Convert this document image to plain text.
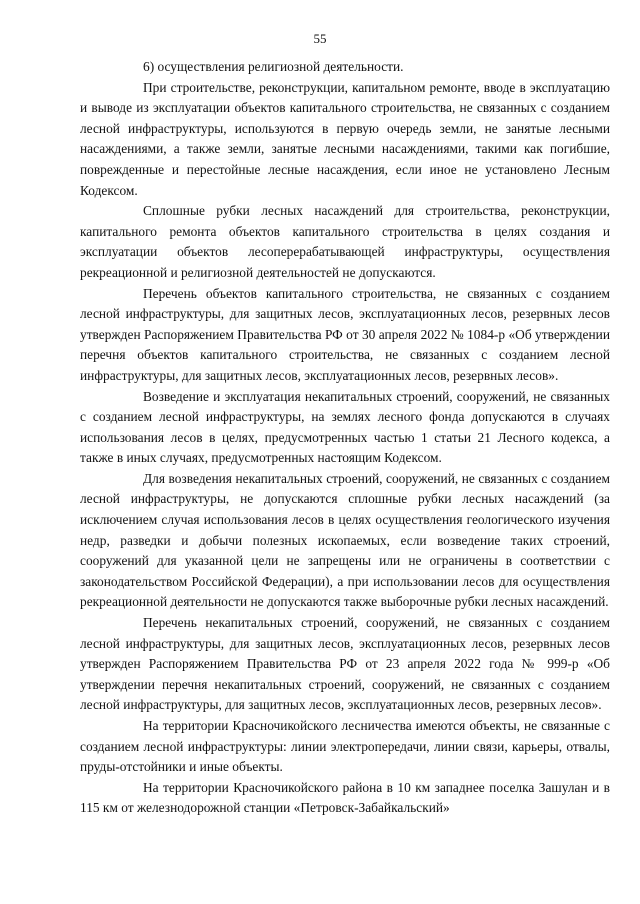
55

6) осуществления религиозной деятельности.

При строительстве, реконструкции, капитальном ремонте, вводе в эксплуатацию и выводе из эксплуатации объектов капитального строительства, не связанных с созданием лесной инфраструктуры, используются в первую очередь земли, не занятые лесными насаждениями, а также земли, занятые лесными насаждениями, такими как погибшие, поврежденные и перестойные лесные насаждения, если иное не установлено Лесным Кодексом.

Сплошные рубки лесных насаждений для строительства, реконструкции, капитального ремонта объектов капитального строительства в целях создания и эксплуатации объектов лесоперерабатывающей инфраструктуры, осуществления рекреационной и религиозной деятельностей не допускаются.

Перечень объектов капитального строительства, не связанных с созданием лесной инфраструктуры, для защитных лесов, эксплуатационных лесов, резервных лесов утвержден Распоряжением Правительства РФ от 30 апреля 2022 № 1084-р «Об утверждении перечня объектов капитального строительства, не связанных с созданием лесной инфраструктуры, для защитных лесов, эксплуатационных лесов, резервных лесов».

Возведение и эксплуатация некапитальных строений, сооружений, не связанных с созданием лесной инфраструктуры, на землях лесного фонда допускаются в случаях использования лесов в целях, предусмотренных частью 1 статьи 21 Лесного кодекса, а также в иных случаях, предусмотренных настоящим Кодексом.

Для возведения некапитальных строений, сооружений, не связанных с созданием лесной инфраструктуры, не допускаются сплошные рубки лесных насаждений (за исключением случая использования лесов в целях осуществления геологического изучения недр, разведки и добычи полезных ископаемых, если возведение таких строений, сооружений для указанной цели не запрещены или не ограничены в соответствии с законодательством Российской Федерации), а при использовании лесов для осуществления рекреационной деятельности не допускаются также выборочные рубки лесных насаждений.

Перечень некапитальных строений, сооружений, не связанных с созданием лесной инфраструктуры, для защитных лесов, эксплуатационных лесов, резервных лесов утвержден Распоряжением Правительства РФ от 23 апреля 2022 года № 999-р «Об утверждении перечня некапитальных строений, сооружений, не связанных с созданием лесной инфраструктуры, для защитных лесов, эксплуатационных лесов, резервных лесов».

На территории Красночикойского лесничества имеются объекты, не связанные с созданием лесной инфраструктуры: линии электропередачи, линии связи, карьеры, отвалы, пруды-отстойники и иные объекты.

На территории Красночикойского района в 10 км западнее поселка Зашулан и в 115 км от железнодорожной станции «Петровск-Забайкальский»
